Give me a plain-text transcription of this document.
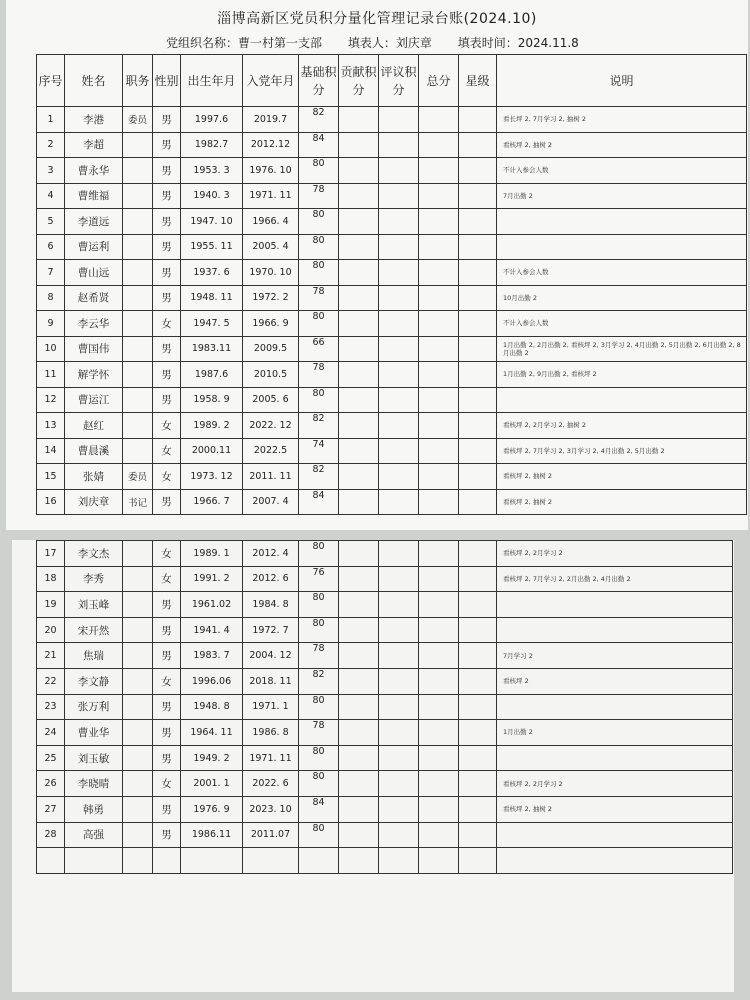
淄博高新区党员积分量化管理记录台账(2024.10)
党组织名称：曹一村第一支部 填表人：刘庆章 填表时间：2024.11.8
序号	姓名	职务	性别	出生年月	入党年月	基础积分	贡献积分	评议积分	总分	星级	说明
1	李港	委员	男	1997.6	2019.7	82					看长坪 2, 7月学习 2, 抽树 2
2	李超		男	1982.7	2012.12	84					看核坪 2, 抽树 2
3	曹永华		男	1953. 3	1976. 10	80					不计入参会人数
4	曹维福		男	1940. 3	1971. 11	78					7月出勤 2
5	李道远		男	1947. 10	1966. 4	80					
6	曹运利		男	1955. 11	2005. 4	80					
7	曹山远		男	1937. 6	1970. 10	80					不计入参会人数
8	赵希贤		男	1948. 11	1972. 2	78					10月出勤 2
9	李云华		女	1947. 5	1966. 9	80					不计入参会人数
10	曹国伟		男	1983.11	2009.5	66					1月出勤 2, 2月出勤 2, 看核坪 2, 3月学习 2, 4月出勤 2, 5月出勤 2, 6月出勤 2, 8月出勤 2
11	解学怀		男	1987.6	2010.5	78					1月出勤 2, 9月出勤 2, 看核坪 2
12	曹运江		男	1958. 9	2005. 6	80					
13	赵红		女	1989. 2	2022. 12	82					看核坪 2, 2月学习 2, 抽树 2
14	曹晨溪		女	2000.11	2022.5	74					看核坪 2, 7月学习 2, 3月学习 2, 4月出勤 2, 5月出勤 2
15	张婧	委员	女	1973. 12	2011. 11	82					看核坪 2, 抽树 2
16	刘庆章	书记	男	1966. 7	2007. 4	84					看核坪 2, 抽树 2
17	李文杰		女	1989. 1	2012. 4	80					看核坪 2, 2月学习 2
18	李秀		女	1991. 2	2012. 6	76					看核坪 2, 7月学习 2, 2月出勤 2, 4月出勤 2
19	刘玉峰		男	1961.02	1984. 8	80					
20	宋开然		男	1941. 4	1972. 7	80					
21	焦瑞		男	1983. 7	2004. 12	78					7月学习 2
22	李文静		女	1996.06	2018. 11	82					看核坪 2
23	张万利		男	1948. 8	1971. 1	80					
24	曹业华		男	1964. 11	1986. 8	78					1月出勤 2
25	刘玉敏		男	1949. 2	1971. 11	80					
26	李晓晴		女	2001. 1	2022. 6	80					看核坪 2, 2月学习 2
27	韩勇		男	1976. 9	2023. 10	84					看核坪 2, 抽树 2
28	高强		男	1986.11	2011.07	80					
